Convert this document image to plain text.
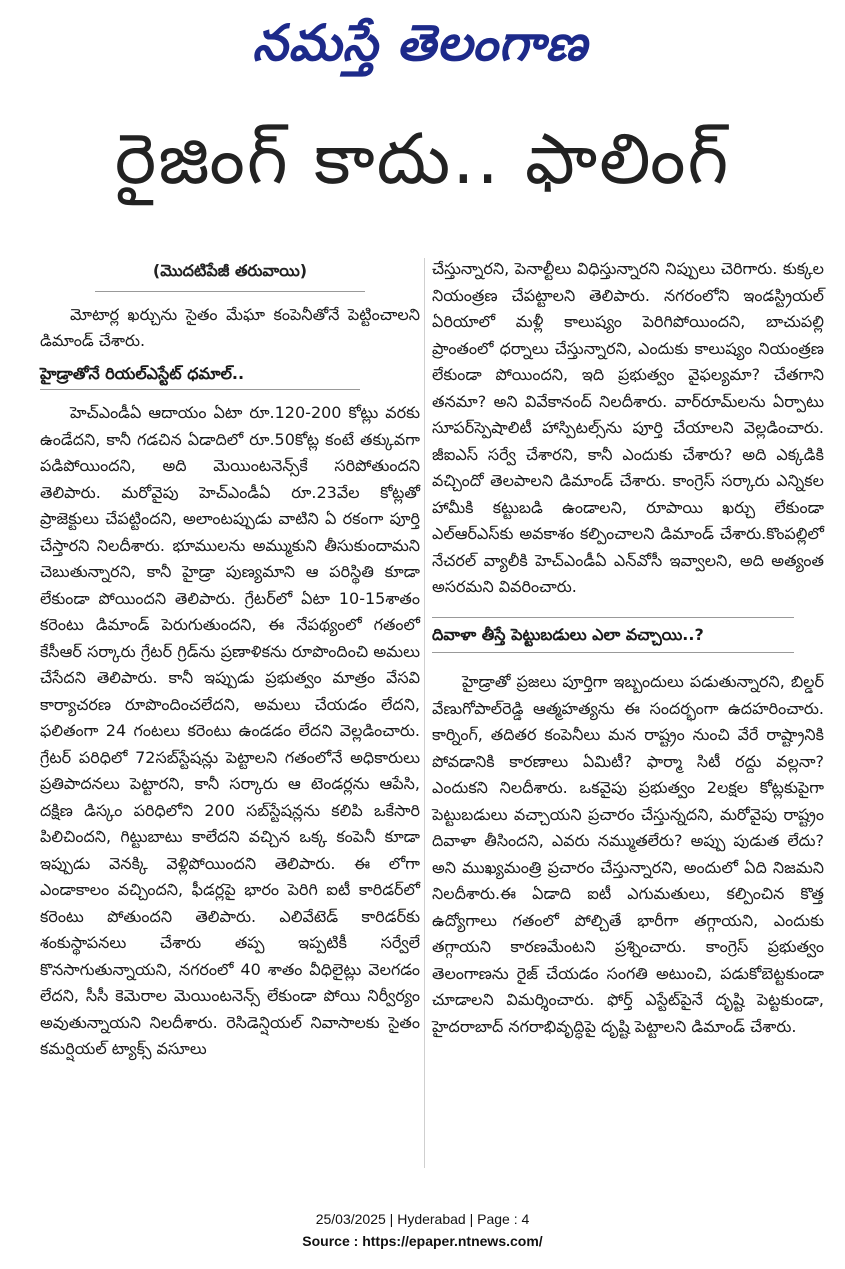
నమస్తే తెలంగాణ
రైజింగ్ కాదు.. ఫాలింగ్
(మొదటిపేజీ తరువాయి)

మోటార్ల ఖర్చును సైతం మేఘా కంపెనీతోనే పెట్టించాలని డిమాండ్ చేశారు.

హైడ్రాతోనే రియల్ఎస్టేట్ ధమాల్..

హెచ్ఎండీఏ ఆదాయం ఏటా రూ.120-200 కోట్లు వరకు ఉండేదని, కానీ గడచిన ఏడాదిలో రూ.50కోట్ల కంటే తక్కువగా పడిపోయిందని, అది మెయింటనెన్స్‌కే సరిపోతుందని తెలిపారు. మరోవైపు హెచ్ఎండీఏ రూ.23వేల కోట్లతో ప్రాజెక్టులు చేపట్టిందని, అలాంటప్పుడు వాటిని ఏ రకంగా పూర్తి చేస్తారని నిలదీశారు. భూములను అమ్ముకుని తీసుకుందామని చెబుతున్నారని, కానీ హైడ్రా పుణ్యమాని ఆ పరిస్థితి కూడా లేకుండా పోయిందని తెలిపారు. గ్రేటర్‌లో ఏటా 10-15శాతం కరెంటు డిమాండ్ పెరుగుతుందని, ఈ నేపథ్యంలో గతంలో కేసీఆర్ సర్కారు గ్రేటర్ గ్రిడ్‌ను ప్రణాళికను రూపొందించి అమలు చేసేదని తెలిపారు. కానీ ఇప్పుడు ప్రభుత్వం మాత్రం వేసవి కార్యాచరణ రూపొందించలేదని, అమలు చేయడం లేదని, ఫలితంగా 24 గంటలు కరెంటు ఉండడం లేదని వెల్లడించారు. గ్రేటర్ పరిధిలో 72సబ్‌స్టేషన్లు పెట్టాలని గతంలోనే అధికారులు ప్రతిపాదనలు పెట్టారని, కానీ సర్కారు ఆ టెండర్లను ఆపేసి, దక్షిణ డిస్కం పరిధిలోని 200 సబ్‌స్టేషన్లను కలిపి ఒకేసారి పిలిచిందని, గిట్టుబాటు కాలేదని వచ్చిన ఒక్క కంపెనీ కూడా ఇప్పుడు వెనక్కి వెళ్లిపోయిందని తెలిపారు. ఈ లోగా ఎండాకాలం వచ్చిందని, ఫీడర్లపై భారం పెరిగి ఐటీ కారిడర్‌లో కరెంటు పోతుందని తెలిపారు. ఎలివేటెడ్ కారిడర్‌కు శంకుస్థాపనలు చేశారు తప్ప ఇప్పటికీ సర్వేలే కొనసాగుతున్నాయని, నగరంలో 40 శాతం వీధిలైట్లు వెలగడం లేదని, సీసీ కెమెరాల మెయింటనెన్స్ లేకుండా పోయి నిర్వీర్యం అవుతున్నాయని నిలదీశారు. రెసిడెన్షియల్ నివాసాలకు సైతం కమర్షియల్ ట్యాక్స్ వసూలు

చేస్తున్నారని, పెనాల్టీలు విధిస్తున్నారని నిప్పులు చెరిగారు. కుక్కల నియంత్రణ చేపట్టాలని తెలిపారు. నగరంలోని ఇండస్ట్రియల్ ఏరియాలో మళ్లీ కాలుష్యం పెరిగిపోయిందని, బాచుపల్లి ప్రాంతంలో ధర్నాలు చేస్తున్నారని, ఎందుకు కాలుష్యం నియంత్రణ లేకుండా పోయిందని, ఇది ప్రభుత్వం వైఫల్యమా? చేతగాని తనమా? అని వివేకానంద్ నిలదీశారు. వార్‌రూమ్‌లను ఏర్పాటు సూపర్‌స్పెషాలిటీ హాస్పిటల్స్‌ను పూర్తి చేయాలని వెల్లడించారు. జీఐఎస్ సర్వే చేశారని, కానీ ఎందుకు చేశారు? అది ఎక్కడికి వచ్చిందో తెలపాలని డిమాండ్ చేశారు. కాంగ్రెస్ సర్కారు ఎన్నికల హామీకి కట్టుబడి ఉండాలని, రూపాయి ఖర్చు లేకుండా ఎల్ఆర్ఎస్‌కు అవకాశం కల్పించాలని డిమాండ్ చేశారు.కొంపల్లిలో నేచరల్ వ్యాలీకి హెచ్ఎండీఏ ఎన్‌వోసీ ఇవ్వాలని, అది అత్యంత అసరమని వివరించారు.

దివాళా తీస్తే పెట్టుబడులు ఎలా వచ్చాయి..?

హైడ్రాతో ప్రజలు పూర్తిగా ఇబ్బందులు పడుతున్నారని, బిల్డర్ వేణుగోపాల్‌రెడ్డి ఆత్మహత్యను ఈ సందర్భంగా ఉదహరించారు. కార్నింగ్, తదితర కంపెనీలు మన రాష్ట్రం నుంచి వేరే రాష్ట్రానికి పోవడానికి కారణాలు ఏమిటీ? ఫార్మా సిటీ రద్దు వల్లనా? ఎందుకని నిలదీశారు. ఒకవైపు ప్రభుత్వం 2లక్షల కోట్లకుపైగా పెట్టుబడులు వచ్చాయని ప్రచారం చేస్తున్నదని, మరోవైపు రాష్ట్రం దివాళా తీసిందని, ఎవరు నమ్ముతలేరు? అప్పు పుడుత లేదు? అని ముఖ్యమంత్రి ప్రచారం చేస్తున్నారని, అందులో ఏది నిజమని నిలదీశారు.ఈ ఏడాది ఐటీ ఎగుమతులు, కల్పించిన కొత్త ఉద్యోగాలు గతంలో పోల్చితే భారీగా తగ్గాయని, ఎందుకు తగ్గాయని కారణమేంటని ప్రశ్నించారు. కాంగ్రెస్ ప్రభుత్వం తెలంగాణను రైజ్ చేయడం సంగతి అటుంచి, పడుకోబెట్టకుండా చూడాలని విమర్శించారు. ఫోర్త్ ఎస్టేట్‌పైనే దృష్టి పెట్టకుండా, హైదరాబాద్ నగరాభివృద్ధిపై దృష్టి పెట్టాలని డిమాండ్ చేశారు.

25/03/2025 | Hyderabad | Page : 4
Source : https://epaper.ntnews.com/
